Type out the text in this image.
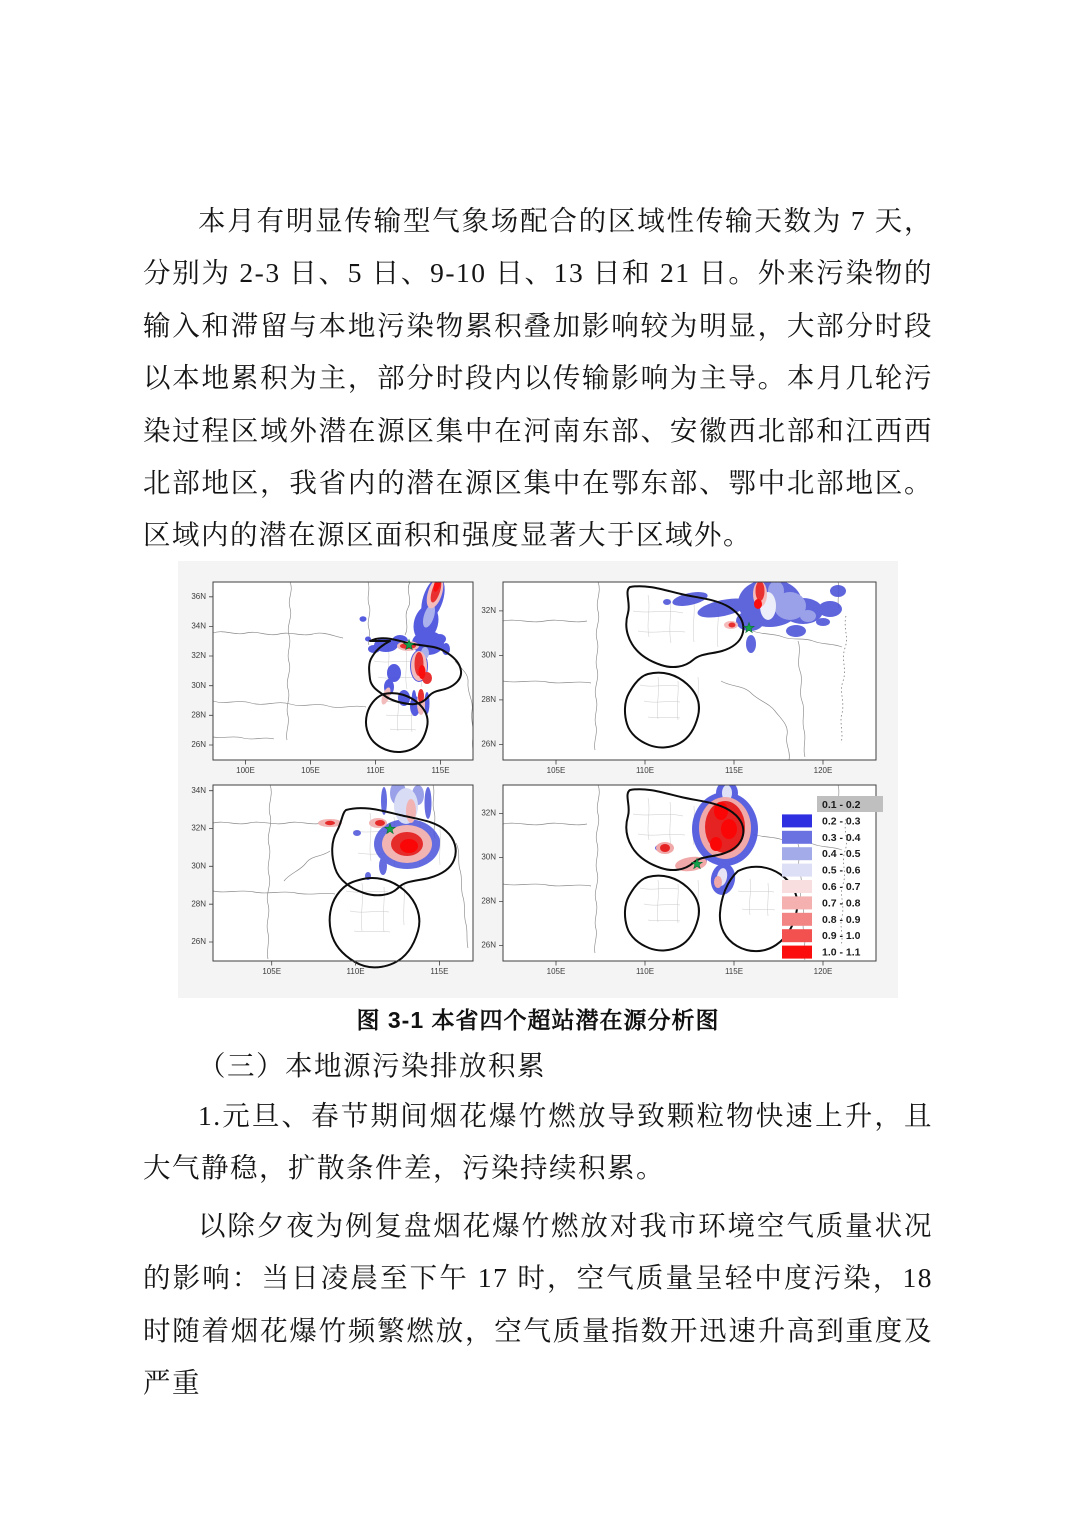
本月有明显传输型气象场配合的区域性传输天数为 7 天，分别为 2-3 日、5 日、9-10 日、13 日和 21 日。外来污染物的输入和滞留与本地污染物累积叠加影响较为明显，大部分时段以本地累积为主，部分时段内以传输影响为主导。本月几轮污染过程区域外潜在源区集中在河南东部、安徽西北部和江西西北部地区，我省内的潜在源区集中在鄂东部、鄂中北部地区。区域内的潜在源区面积和强度显著大于区域外。

36N
34N
32N
30N
28N
26N
100E	105E	110E	115E
32N
30N
28N
26N
105E	110E	115E	120E
34N
32N
30N
28N
26N
105E	110E	115E
32N
30N
28N
26N
105E	110E	115E	120E
0.1 - 0.2
0.2 - 0.3
0.3 - 0.4
0.4 - 0.5
0.5 - 0.6
0.6 - 0.7
0.7 - 0.8
0.8 - 0.9
0.9 - 1.0
1.0 - 1.1

图 3-1 本省四个超站潜在源分析图

（三）本地源污染排放积累

1.元旦、春节期间烟花爆竹燃放导致颗粒物快速上升，且大气静稳，扩散条件差，污染持续积累。

以除夕夜为例复盘烟花爆竹燃放对我市环境空气质量状况的影响：当日凌晨至下午 17 时，空气质量呈轻中度污染，18 时随着烟花爆竹频繁燃放，空气质量指数开迅速升高到重度及严重
